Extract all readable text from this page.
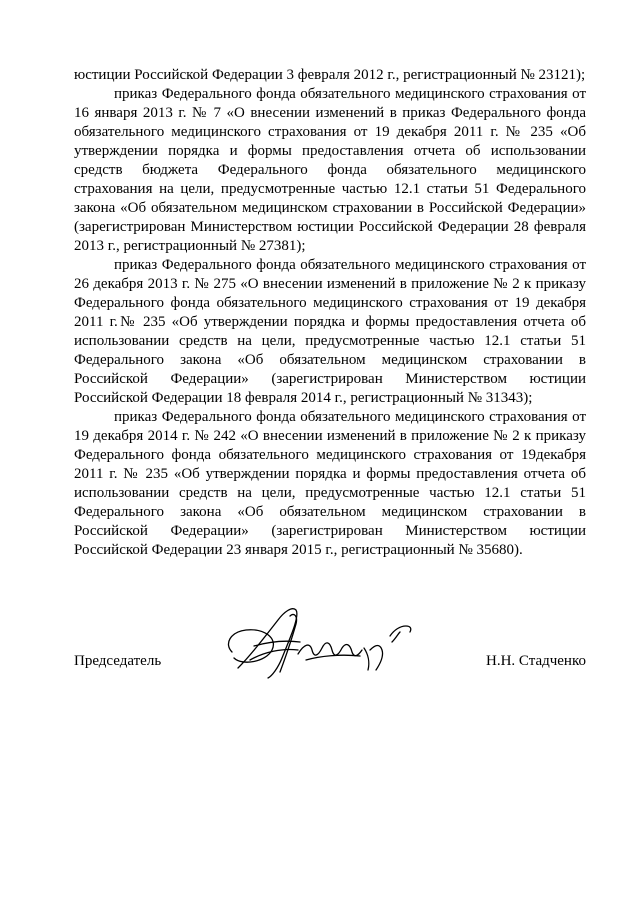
юстиции Российской Федерации 3 февраля 2012 г., регистрационный № 23121);

приказ Федерального фонда обязательного медицинского страхования от 16 января 2013 г. № 7 «О внесении изменений в приказ Федерального фонда обязательного медицинского страхования от 19 декабря 2011 г. № 235 «Об утверждении порядка и формы предоставления отчета об использовании средств бюджета Федерального фонда обязательного медицинского страхования на цели, предусмотренные частью 12.1 статьи 51 Федерального закона «Об обязательном медицинском страховании в Российской Федерации» (зарегистрирован Министерством юстиции Российской Федерации 28 февраля 2013 г., регистрационный № 27381);

приказ Федерального фонда обязательного медицинского страхования от 26 декабря 2013 г. № 275 «О внесении изменений в приложение № 2 к приказу Федерального фонда обязательного медицинского страхования от 19 декабря 2011 г.№ 235 «Об утверждении порядка и формы предоставления отчета об использовании средств на цели, предусмотренные частью 12.1 статьи 51 Федерального закона «Об обязательном медицинском страховании в Российской Федерации» (зарегистрирован Министерством юстиции Российской Федерации 18 февраля 2014 г., регистрационный № 31343);

приказ Федерального фонда обязательного медицинского страхования от 19 декабря 2014 г. № 242 «О внесении изменений в приложение № 2 к приказу Федерального фонда обязательного медицинского страхования от 19декабря 2011 г. № 235 «Об утверждении порядка и формы предоставления отчета об использовании средств на цели, предусмотренные частью 12.1 статьи 51 Федерального закона «Об обязательном медицинском страховании в Российской Федерации» (зарегистрирован Министерством юстиции Российской Федерации 23 января 2015 г., регистрационный № 35680).

Председатель	Н.Н. Стадченко
